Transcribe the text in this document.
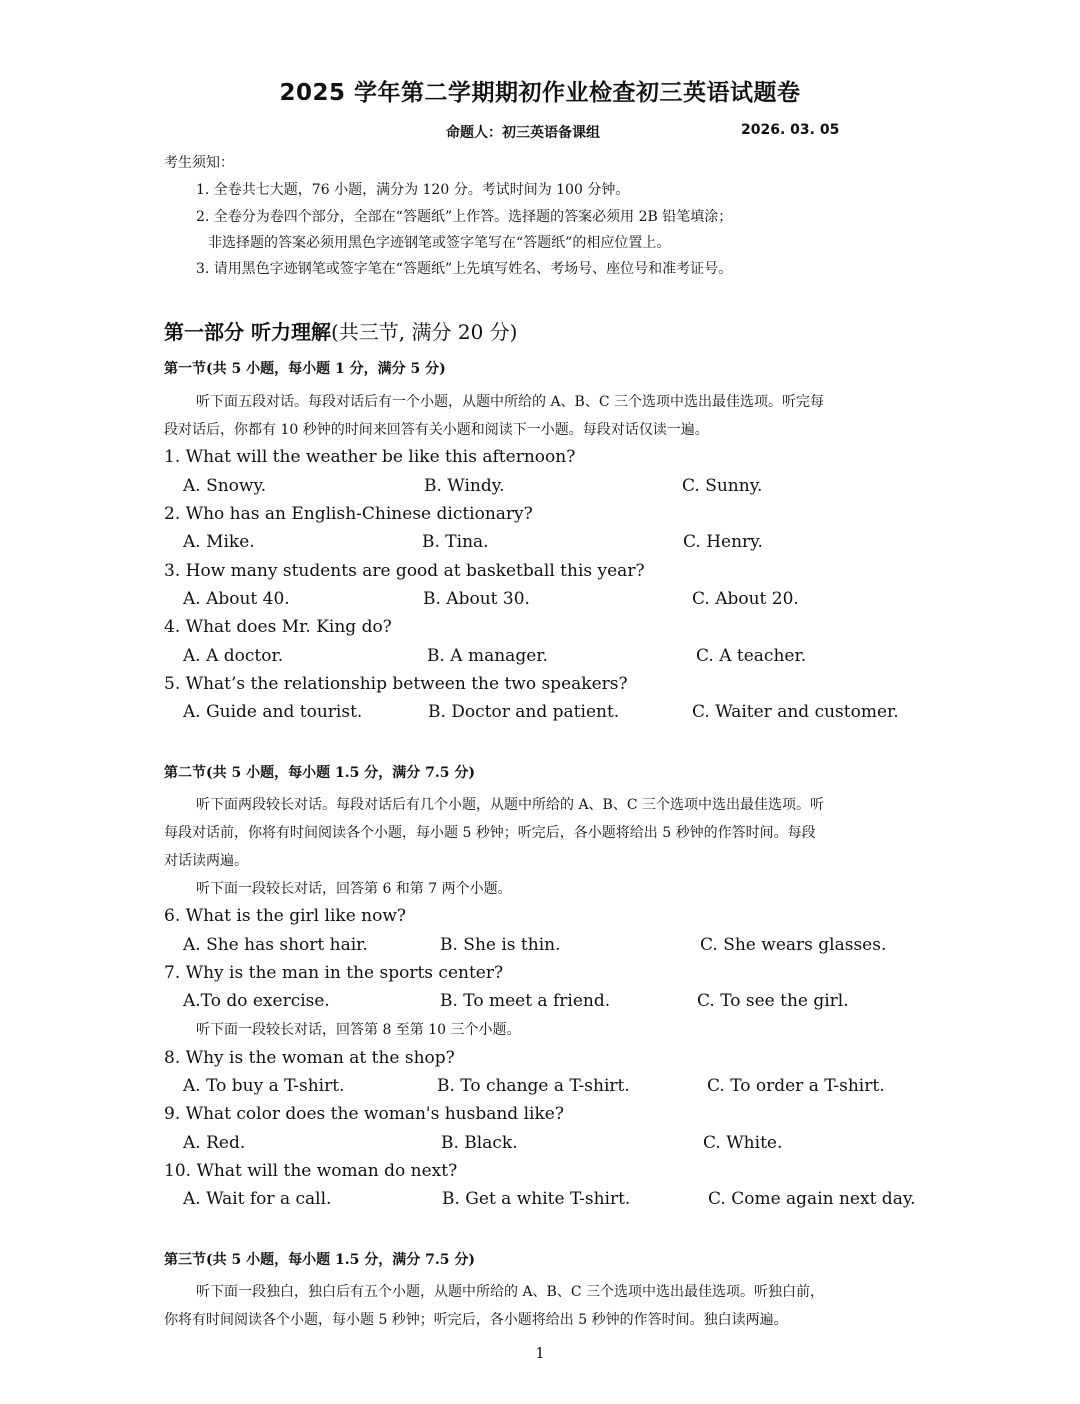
2025 学年第二学期期初作业检查初三英语试题卷
命题人：初三英语备课组	2026. 03. 05
考生须知：
1. 全卷共七大题，76 小题，满分为 120 分。考试时间为 100 分钟。
2. 全卷分为卷四个部分，全部在“答题纸”上作答。选择题的答案必须用 2B 铅笔填涂；
非选择题的答案必须用黑色字迹钢笔或签字笔写在“答题纸”的相应位置上。
3. 请用黑色字迹钢笔或签字笔在“答题纸”上先填写姓名、考场号、座位号和准考证号。
第一部分 听力理解(共三节, 满分 20 分)
第一节(共 5 小题，每小题 1 分，满分 5 分)
听下面五段对话。每段对话后有一个小题，从题中所给的 A、B、C 三个选项中选出最佳选项。听完每
段对话后，你都有 10 秒钟的时间来回答有关小题和阅读下一小题。每段对话仅读一遍。
1. What will the weather be like this afternoon?
A. Snowy.	B. Windy.	C. Sunny.
2. Who has an English-Chinese dictionary?
A. Mike.	B. Tina.	C. Henry.
3. How many students are good at basketball this year?
A. About 40.	B. About 30.	C. About 20.
4. What does Mr. King do?
A. A doctor.	B. A manager.	C. A teacher.
5. What’s the relationship between the two speakers?
A. Guide and tourist.	B. Doctor and patient.	C. Waiter and customer.
第二节(共 5 小题，每小题 1.5 分，满分 7.5 分)
听下面两段较长对话。每段对话后有几个小题，从题中所给的 A、B、C 三个选项中选出最佳选项。听
每段对话前，你将有时间阅读各个小题，每小题 5 秒钟；听完后，各小题将给出 5 秒钟的作答时间。每段
对话读两遍。
听下面一段较长对话，回答第 6 和第 7 两个小题。
6. What is the girl like now?
A. She has short hair.	B. She is thin.	C. She wears glasses.
7. Why is the man in the sports center?
A.To do exercise.	B. To meet a friend.	C. To see the girl.
听下面一段较长对话，回答第 8 至第 10 三个小题。
8. Why is the woman at the shop?
A. To buy a T-shirt.	B. To change a T-shirt.	C. To order a T-shirt.
9. What color does the woman's husband like?
A. Red.	B. Black.	C. White.
10. What will the woman do next?
A. Wait for a call.	B. Get a white T-shirt.	C. Come again next day.
第三节(共 5 小题，每小题 1.5 分，满分 7.5 分)
听下面一段独白，独白后有五个小题，从题中所给的 A、B、C 三个选项中选出最佳选项。听独白前，
你将有时间阅读各个小题，每小题 5 秒钟；听完后，各小题将给出 5 秒钟的作答时间。独白读两遍。
1
